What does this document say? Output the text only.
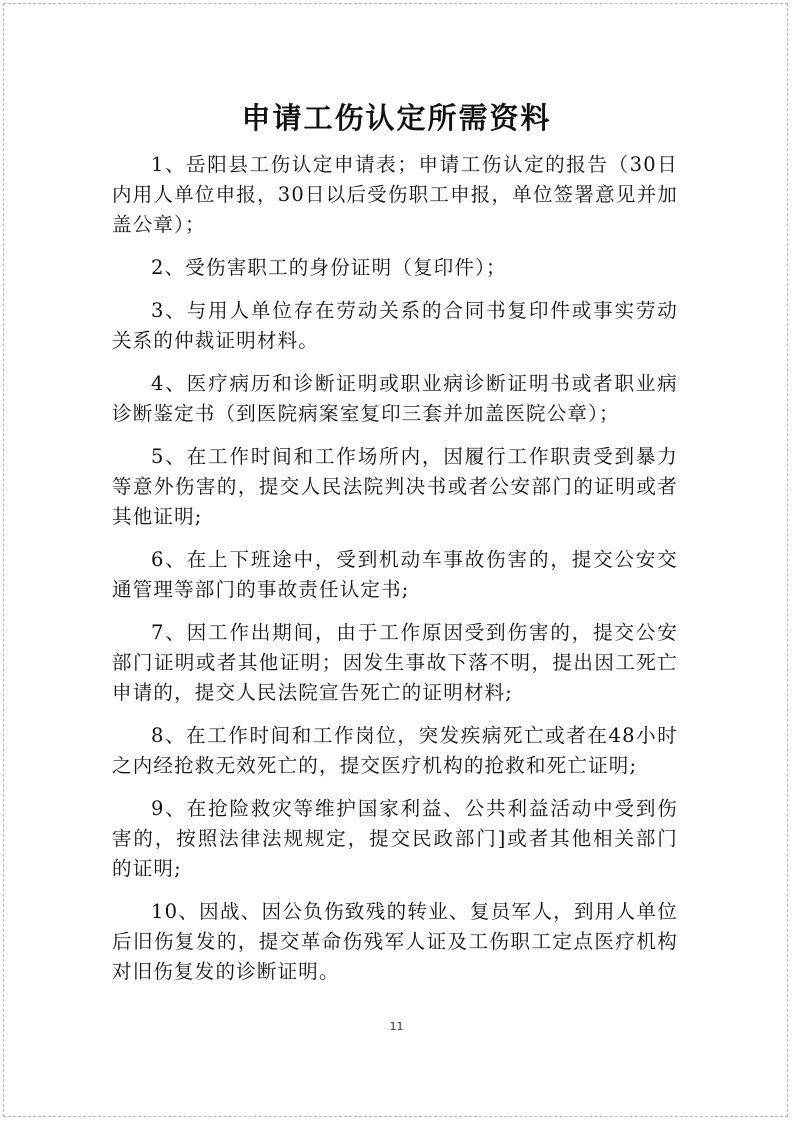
申请工伤认定所需资料

1、岳阳县工伤认定申请表；申请工伤认定的报告（30日内用人单位申报，30日以后受伤职工申报，单位签署意见并加盖公章）；

2、受伤害职工的身份证明（复印件）；

3、与用人单位存在劳动关系的合同书复印件或事实劳动关系的仲裁证明材料。

4、医疗病历和诊断证明或职业病诊断证明书或者职业病诊断鉴定书（到医院病案室复印三套并加盖医院公章）；

5、在工作时间和工作场所内，因履行工作职责受到暴力等意外伤害的，提交人民法院判决书或者公安部门的证明或者其他证明;

6、在上下班途中，受到机动车事故伤害的，提交公安交通管理等部门的事故责任认定书;

7、因工作出期间，由于工作原因受到伤害的，提交公安部门证明或者其他证明；因发生事故下落不明，提出因工死亡申请的，提交人民法院宣告死亡的证明材料;

8、在工作时间和工作岗位，突发疾病死亡或者在48小时之内经抢救无效死亡的，提交医疗机构的抢救和死亡证明;

9、在抢险救灾等维护国家利益、公共利益活动中受到伤害的，按照法律法规规定，提交民政部门]或者其他相关部门的证明;

10、因战、因公负伤致残的转业、复员军人，到用人单位后旧伤复发的，提交革命伤残军人证及工伤职工定点医疗机构对旧伤复发的诊断证明。

11
